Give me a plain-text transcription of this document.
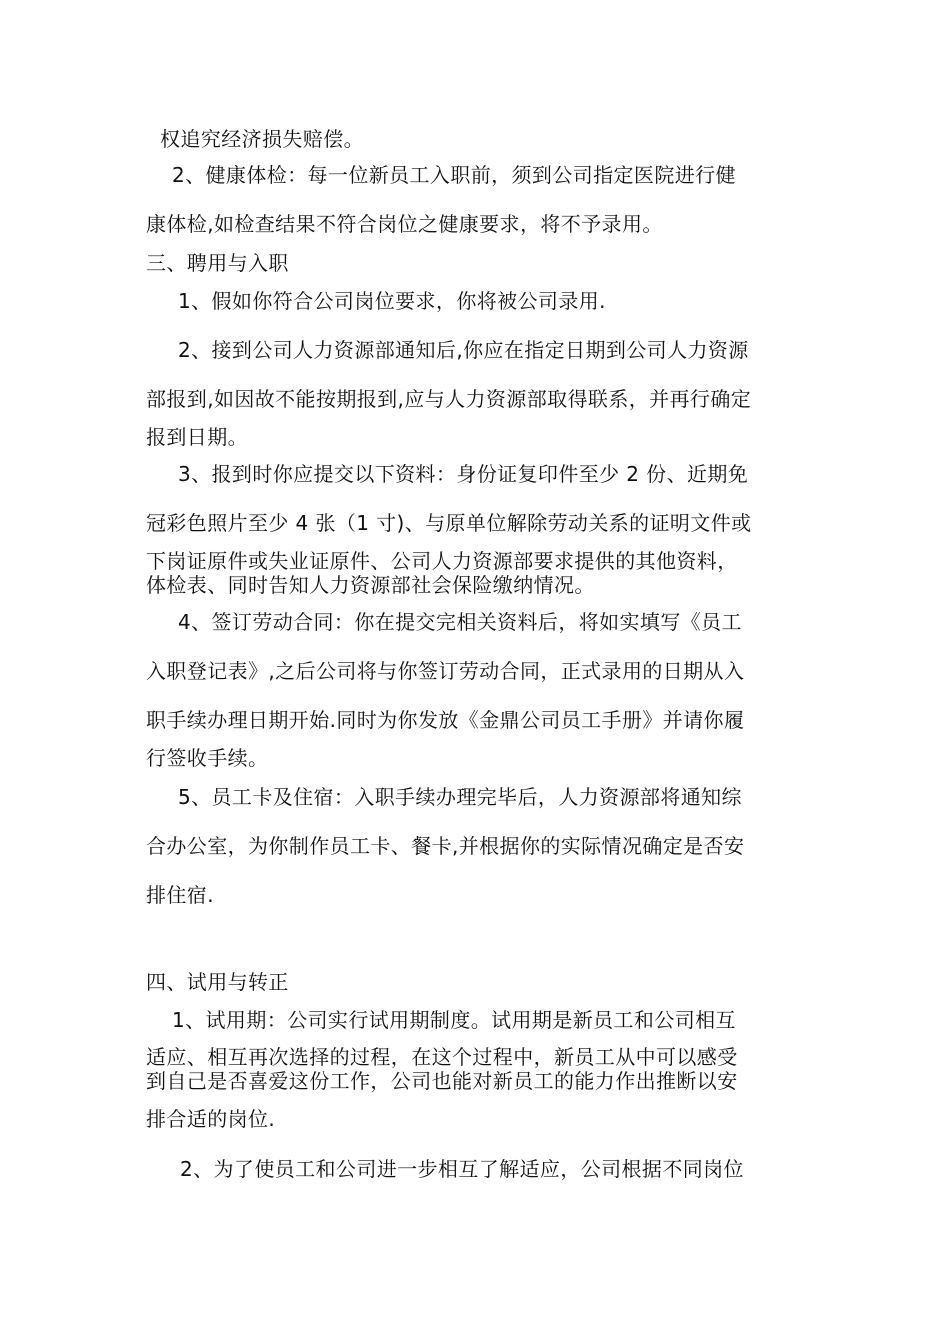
权追究经济损失赔偿。
2、健康体检：每一位新员工入职前，须到公司指定医院进行健
康体检,如检查结果不符合岗位之健康要求，将不予录用。
三、聘用与入职
1、假如你符合公司岗位要求，你将被公司录用.
2、接到公司人力资源部通知后,你应在指定日期到公司人力资源
部报到,如因故不能按期报到,应与人力资源部取得联系，并再行确定
报到日期。
3、报到时你应提交以下资料：身份证复印件至少 2 份、近期免
冠彩色照片至少 4 张（1 寸)、与原单位解除劳动关系的证明文件或
下岗证原件或失业证原件、公司人力资源部要求提供的其他资料，
体检表、同时告知人力资源部社会保险缴纳情况。
4、签订劳动合同：你在提交完相关资料后，将如实填写《员工
入职登记表》,之后公司将与你签订劳动合同，正式录用的日期从入
职手续办理日期开始.同时为你发放《金鼎公司员工手册》并请你履
行签收手续。
5、员工卡及住宿：入职手续办理完毕后，人力资源部将通知综
合办公室，为你制作员工卡、餐卡,并根据你的实际情况确定是否安
排住宿.
四、试用与转正
1、试用期：公司实行试用期制度。试用期是新员工和公司相互
适应、相互再次选择的过程，在这个过程中，新员工从中可以感受
到自己是否喜爱这份工作，公司也能对新员工的能力作出推断以安
排合适的岗位.
2、为了使员工和公司进一步相互了解适应，公司根据不同岗位
